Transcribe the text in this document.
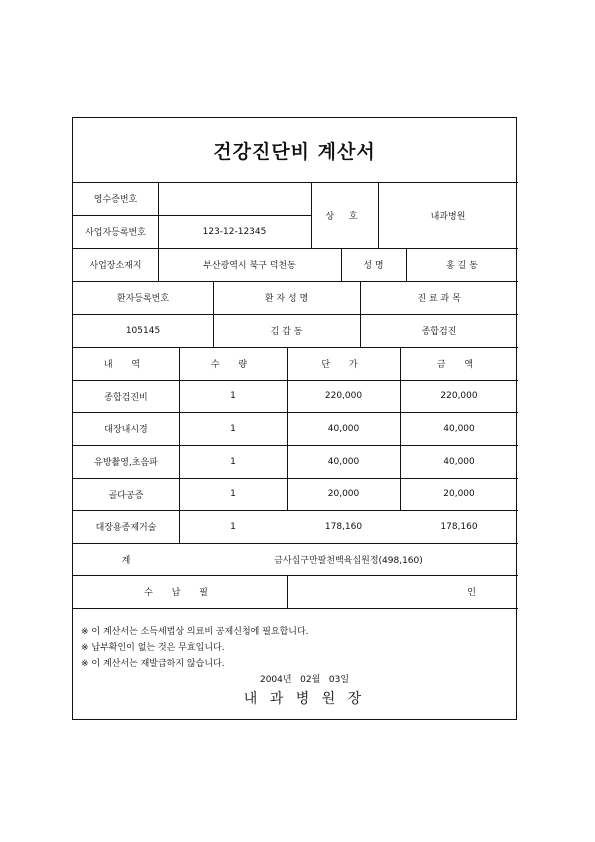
건강진단비 계산서
영수증번호
사업자등록번호	123-12-12345
상 호	내과병원
사업장소재지	부산광역시 북구 덕천동	성 명	홍 길 동
환자등록번호	환 자 성 명	진 료 과 목
105145	김 갑 동	종합검진
내 역	수 량	단 가	금 액
종합검진비	1	220,000	220,000
대장내시경	1	40,000	40,000
유방촬영,초음파	1	40,000	40,000
골다공증	1	20,000	20,000
대장용종제거술	1	178,160	178,160
계	금사십구만팔천백육십원정(498,160)
수 납 필	인
※ 이 계산서는 소득세법상 의료비 공제신청에 필요합니다.
※ 납부확인이 없는 것은 무효입니다.
※ 이 계산서는 재발급하지 않습니다.
2004년   02월   03일
내 과 병 원 장
